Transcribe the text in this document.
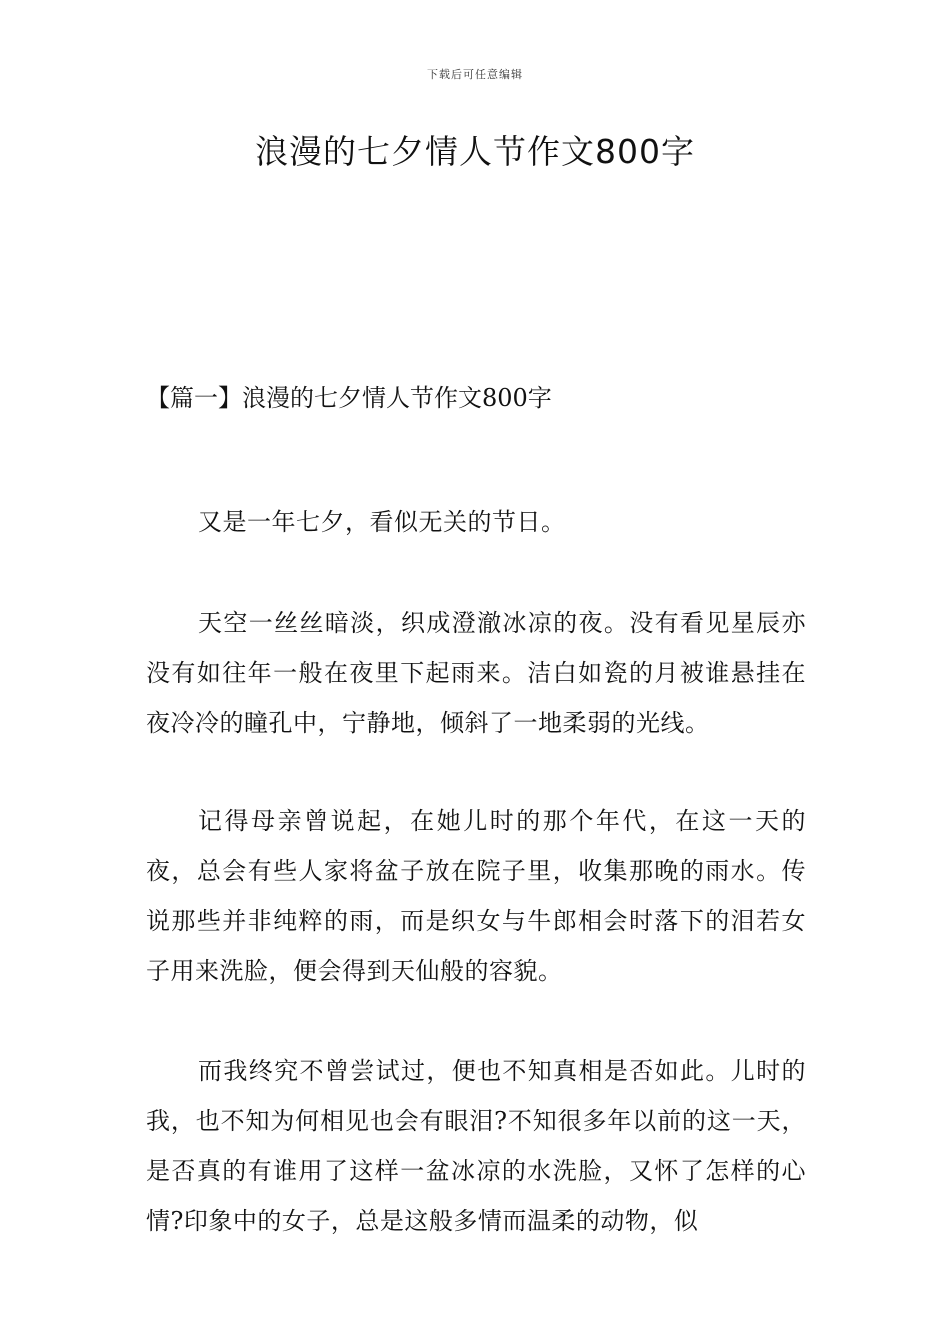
下载后可任意编辑
浪漫的七夕情人节作文800字
【篇一】浪漫的七夕情人节作文800字

又是一年七夕，看似无关的节日。

天空一丝丝暗淡，织成澄澈冰凉的夜。没有看见星辰亦没有如往年一般在夜里下起雨来。洁白如瓷的月被谁悬挂在夜冷冷的瞳孔中，宁静地，倾斜了一地柔弱的光线。

记得母亲曾说起，在她儿时的那个年代，在这一天的夜，总会有些人家将盆子放在院子里，收集那晚的雨水。传说那些并非纯粹的雨，而是织女与牛郎相会时落下的泪若女子用来洗脸，便会得到天仙般的容貌。

而我终究不曾尝试过，便也不知真相是否如此。儿时的我，也不知为何相见也会有眼泪?不知很多年以前的这一天，是否真的有谁用了这样一盆冰凉的水洗脸，又怀了怎样的心情?印象中的女子，总是这般多情而温柔的动物，似
